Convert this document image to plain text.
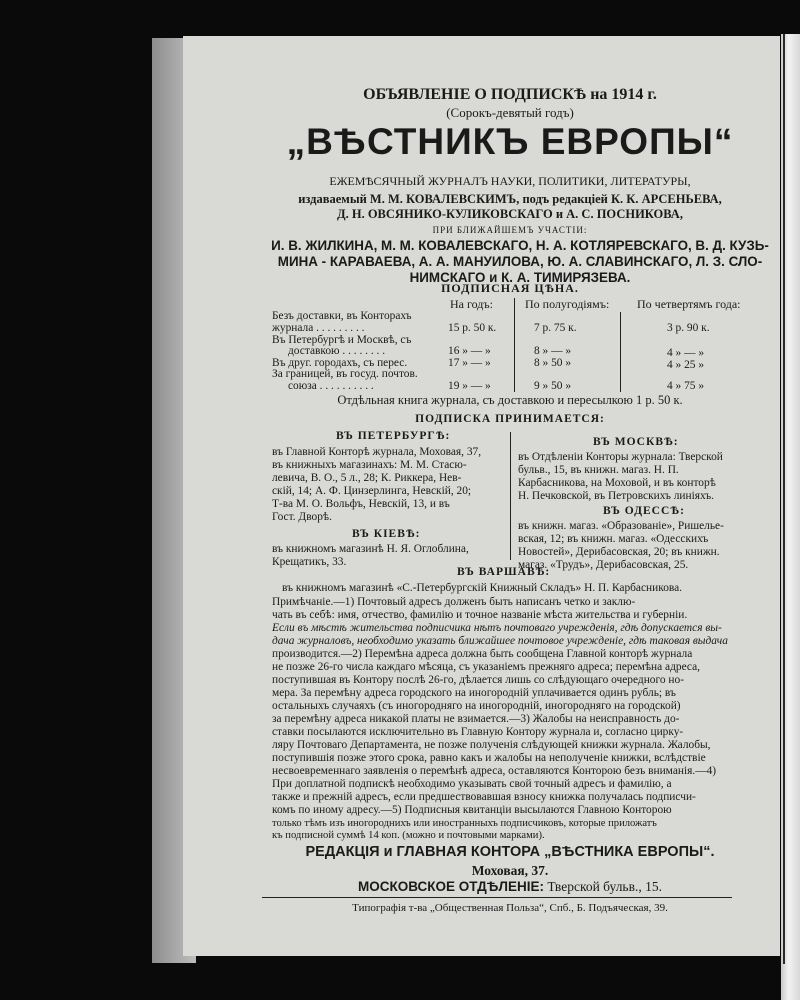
ОБЪЯВЛЕНІЕ О ПОДПИСКѢ на 1914 г.
(Сорокъ-девятый годъ)
„ВѢСТНИКЪ ЕВРОПЫ“
ЕЖЕМѢСЯЧНЫЙ ЖУРНАЛЪ НАУКИ, ПОЛИТИКИ, ЛИТЕРАТУРЫ,
издаваемый М. М. КОВАЛЕВСКИМЪ, подъ редакціей К. К. АРСЕНЬЕВА,
Д. Н. ОВСЯНИКО-КУЛИКОВСКАГО и А. С. ПОСНИКОВА,
ПРИ БЛИЖАЙШЕМЪ УЧАСТІИ:
И. В. ЖИЛКИНА, М. М. КОВАЛЕВСКАГО, Н. А. КОТЛЯРЕВСКАГО, В. Д. КУЗЬ-
МИНА - КАРАВАЕВА, А. А. МАНУИЛОВА, Ю. А. СЛАВИНСКАГО, Л. З. СЛО-
НИМСКАГО и К. А. ТИМИРЯЗЕВА.
ПОДПИСНАЯ ЦѢНА.
На годъ:	По полугодіямъ: По четвертямъ года:
Безъ доставки, въ Конторахъ
журнала . . . . . . . . .	15 р. 50 к.	7 р. 75 к.	3 р. 90 к.
Въ Петербургѣ и Москвѣ, съ
доставкою . . . . . . . .	16 » — »	8 » — »	4 » — »
Въ друг. городахъ, съ перес.	17 » — »	8 » 50 »	4 » 25 »
За границей, въ госуд. почтов.
союза . . . . . . . . . .	19 » — »	9 » 50 »	4 » 75 »
Отдѣльная книга журнала, съ доставкою и пересылкою 1 р. 50 к.
ПОДПИСКА ПРИНИМАЕТСЯ:
ВЪ ПЕТЕРБУРГѢ:
въ Главной Конторѣ журнала, Моховая, 37,
въ книжныхъ магазинахъ: М. М. Стасю-
левича, В. О., 5 л., 28; К. Риккера, Нев-
скій, 14; А. Ф. Цинзерлинга, Невскій, 20;
Т-ва М. О. Вольфъ, Невскій, 13, и въ
Гост. Дворѣ.
ВЪ КІЕВѢ:
въ книжномъ магазинѣ Н. Я. Оглоблина,
Крещатикъ, 33.
ВЪ МОСКВѢ:
въ Отдѣленіи Конторы журнала: Тверской
бульв., 15, въ книжн. магаз. Н. П.
Карбасникова, на Моховой, и въ конторѣ
Н. Печковской, въ Петровскихъ линіяхъ.
ВЪ ОДЕССѢ:
въ книжн. магаз. «Образованіе», Ришелье-
вская, 12; въ книжн. магаз. «Одесскихъ
Новостей», Дерибасовская, 20; въ книжн.
магаз. «Трудъ», Дерибасовская, 25.
ВЪ ВАРШАВѢ:
въ книжномъ магазинѣ «С.-Петербургскій Книжный Складъ» Н. П. Карбасникова.
Примѣчаніе.—1) Почтовый адресъ долженъ быть написанъ четко и заклю-
чать въ себѣ: имя, отчество, фамилію и точное названіе мѣста жительства и губерніи.
Если въ мѣстѣ жительства подписчика нѣтъ почтоваго учрежденія, гдѣ допускается вы-
дача журналовъ, необходимо указать ближайшее почтовое учрежденіе, гдѣ таковая выдача
производится.—2) Перемѣна адреса должна быть сообщена Главной конторѣ журнала
не позже 26-го числа каждаго мѣсяца, съ указаніемъ прежняго адреса; перемѣна адреса,
поступившая въ Контору послѣ 26-го, дѣлается лишь со слѣдующаго очередного но-
мера. За перемѣну адреса городского на иногородній уплачивается одинъ рубль; въ
остальныхъ случаяхъ (съ иногородняго на иногородній, иногородняго на городской)
за перемѣну адреса никакой платы не взимается.—3) Жалобы на неисправность до-
ставки посылаются исключительно въ Главную Контору журнала и, согласно цирку-
ляру Почтоваго Департамента, не позже полученія слѣдующей книжки журнала. Жалобы,
поступившія позже этого срока, равно какъ и жалобы на неполученіе книжки, вслѣдствіе
несвоевременнаго заявленія о перемѣнѣ адреса, оставляются Конторою безъ вниманія.—4)
При доплатной подпискѣ необходимо указывать свой точный адресъ и фамилію, а
также и прежній адресъ, если предшествовавшая взносу книжка получалась подписчи-
комъ по иному адресу.—5) Подписныя квитанціи высылаются Главною Конторою
только тѣмъ изъ иногороднихъ или иностранныхъ подписчиковъ, которые приложатъ
къ подписной суммѣ 14 коп. (можно и почтовыми марками).
РЕДАКЦІЯ и ГЛАВНАЯ КОНТОРА „ВѢСТНИКА ЕВРОПЫ“.
Моховая, 37.
МОСКОВСКОЕ ОТДѢЛЕНІЕ: Тверской бульв., 15.
Типографія т-ва „Общественная Польза“, Спб., Б. Подъяческая, 39.
